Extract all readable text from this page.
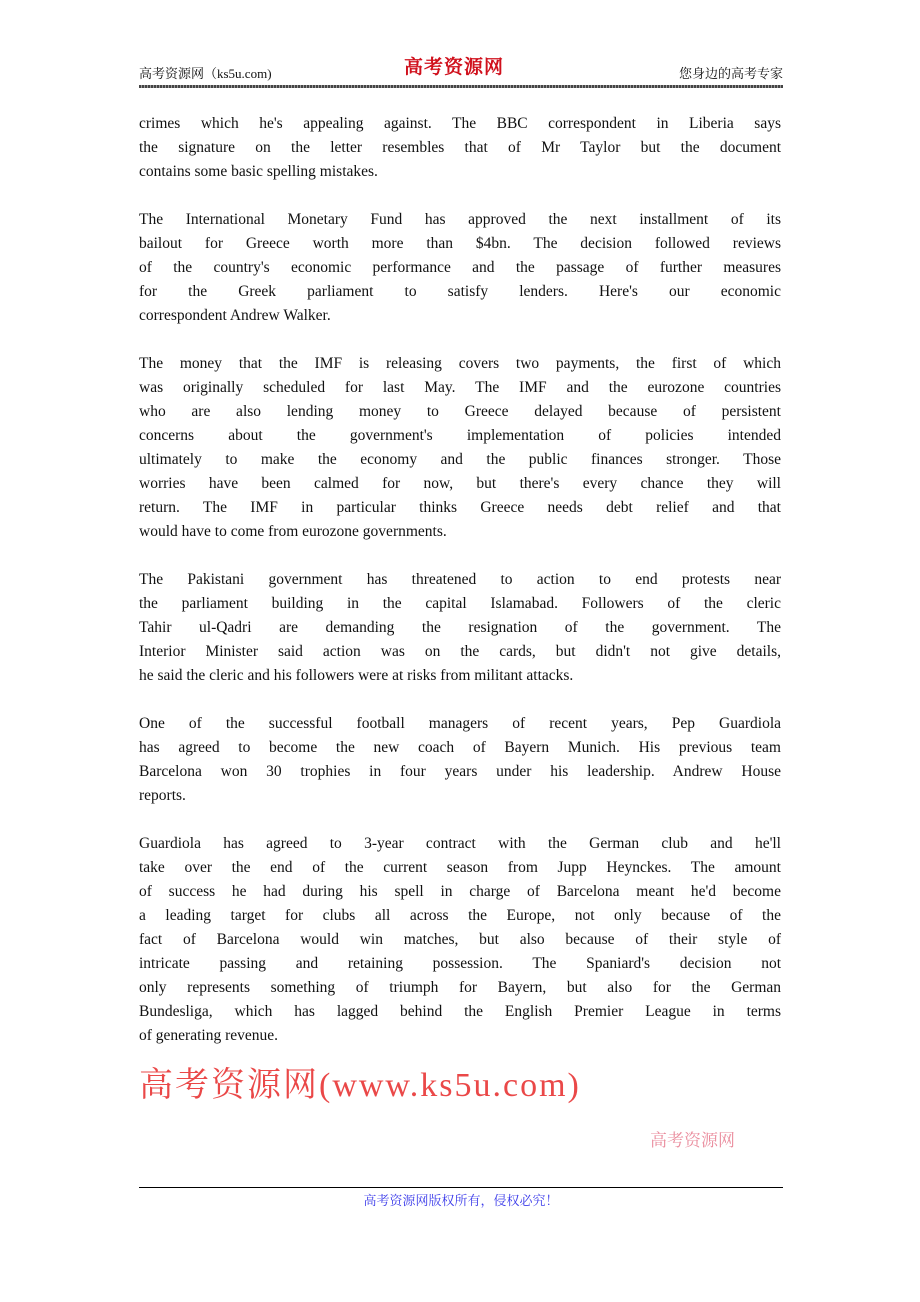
高考资源网（ks5u.com)	高考资源网	您身边的高考专家
crimes which he's appealing against. The BBC correspondent in Liberia says
the signature on the letter resembles that of Mr Taylor but the document
contains some basic spelling mistakes.
The International Monetary Fund has approved the next installment of its
bailout for Greece worth more than $4bn. The decision followed reviews
of the country's economic performance and the passage of further measures
for the Greek parliament to satisfy lenders. Here's our economic
correspondent Andrew Walker.
The money that the IMF is releasing covers two payments, the first of which
was originally scheduled for last May. The IMF and the eurozone countries
who are also lending money to Greece delayed because of persistent
concerns about the government's implementation of policies intended
ultimately to make the economy and the public finances stronger. Those
worries have been calmed for now, but there's every chance they will
return. The IMF in particular thinks Greece needs debt relief and that
would have to come from eurozone governments.
The Pakistani government has threatened to action to end protests near
the parliament building in the capital Islamabad. Followers of the cleric
Tahir ul-Qadri are demanding the resignation of the government. The
Interior Minister said action was on the cards, but didn't not give details,
he said the cleric and his followers were at risks from militant attacks.
One of the successful football managers of recent years, Pep Guardiola
has agreed to become the new coach of Bayern Munich. His previous team
Barcelona won 30 trophies in four years under his leadership. Andrew House
reports.
Guardiola has agreed to 3-year contract with the German club and he'll
take over the end of the current season from Jupp Heynckes. The amount
of success he had during his spell in charge of Barcelona meant he'd become
a leading target for clubs all across the Europe, not only because of the
fact of Barcelona would win matches, but also because of their style of
intricate passing and retaining possession. The Spaniard's decision not
only represents something of triumph for Bayern, but also for the German
Bundesliga, which has lagged behind the English Premier League in terms
of generating revenue.
高考资源网(www.ks5u.com)
高考资源网
高考资源网版权所有，侵权必究！
